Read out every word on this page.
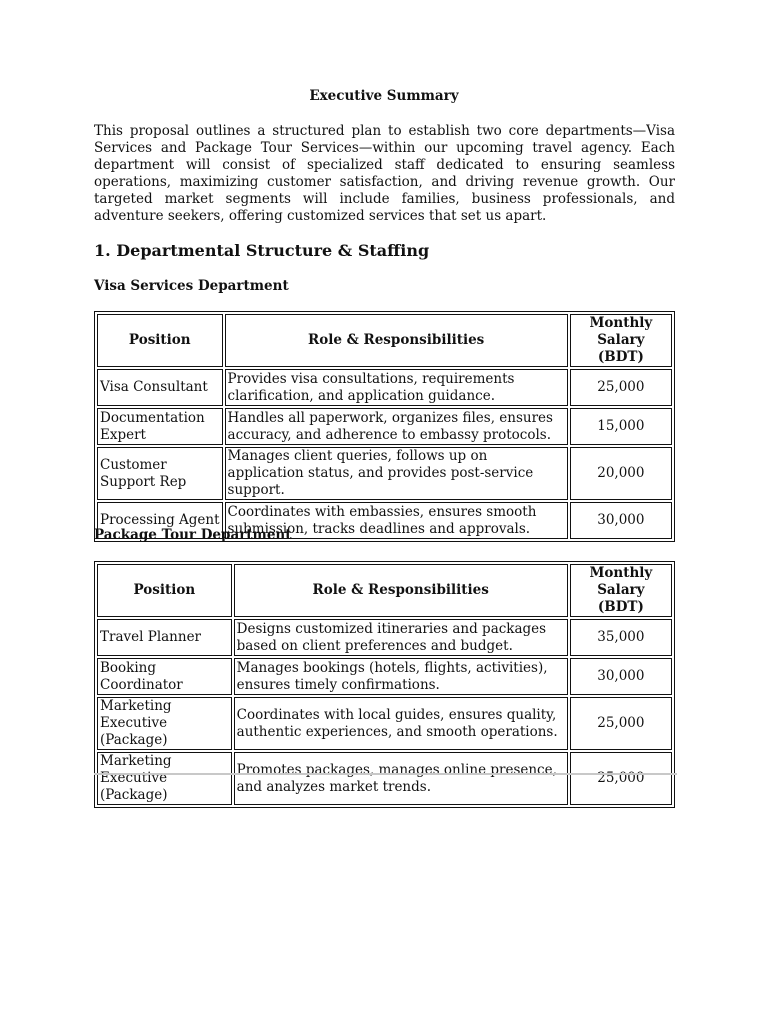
Executive Summary

This proposal outlines a structured plan to establish two core departments—Visa Services and Package Tour Services—within our upcoming travel agency. Each department will consist of specialized staff dedicated to ensuring seamless operations, maximizing customer satisfaction, and driving revenue growth. Our targeted market segments will include families, business professionals, and adventure seekers, offering customized services that set us apart.

1. Departmental Structure & Staffing
Visa Services Department
Position	Role & Responsibilities	Monthly Salary (BDT)
Visa Consultant	Provides visa consultations, requirements clarification, and application guidance.	25,000
Documentation Expert	Handles all paperwork, organizes files, ensures accuracy, and adherence to embassy protocols.	15,000
Customer Support Rep	Manages client queries, follows up on application status, and provides post-service support.	20,000
Processing Agent	Coordinates with embassies, ensures smooth submission, tracks deadlines and approvals.	30,000
Package Tour Department
Position	Role & Responsibilities	Monthly Salary (BDT)
Travel Planner	Designs customized itineraries and packages based on client preferences and budget.	35,000
Booking Coordinator	Manages bookings (hotels, flights, activities), ensures timely confirmations.	30,000
Marketing Executive (Package)	Coordinates with local guides, ensures quality, authentic experiences, and smooth operations.	25,000
Marketing Executive (Package)	Promotes packages, manages online presence, and analyzes market trends.	25,000
